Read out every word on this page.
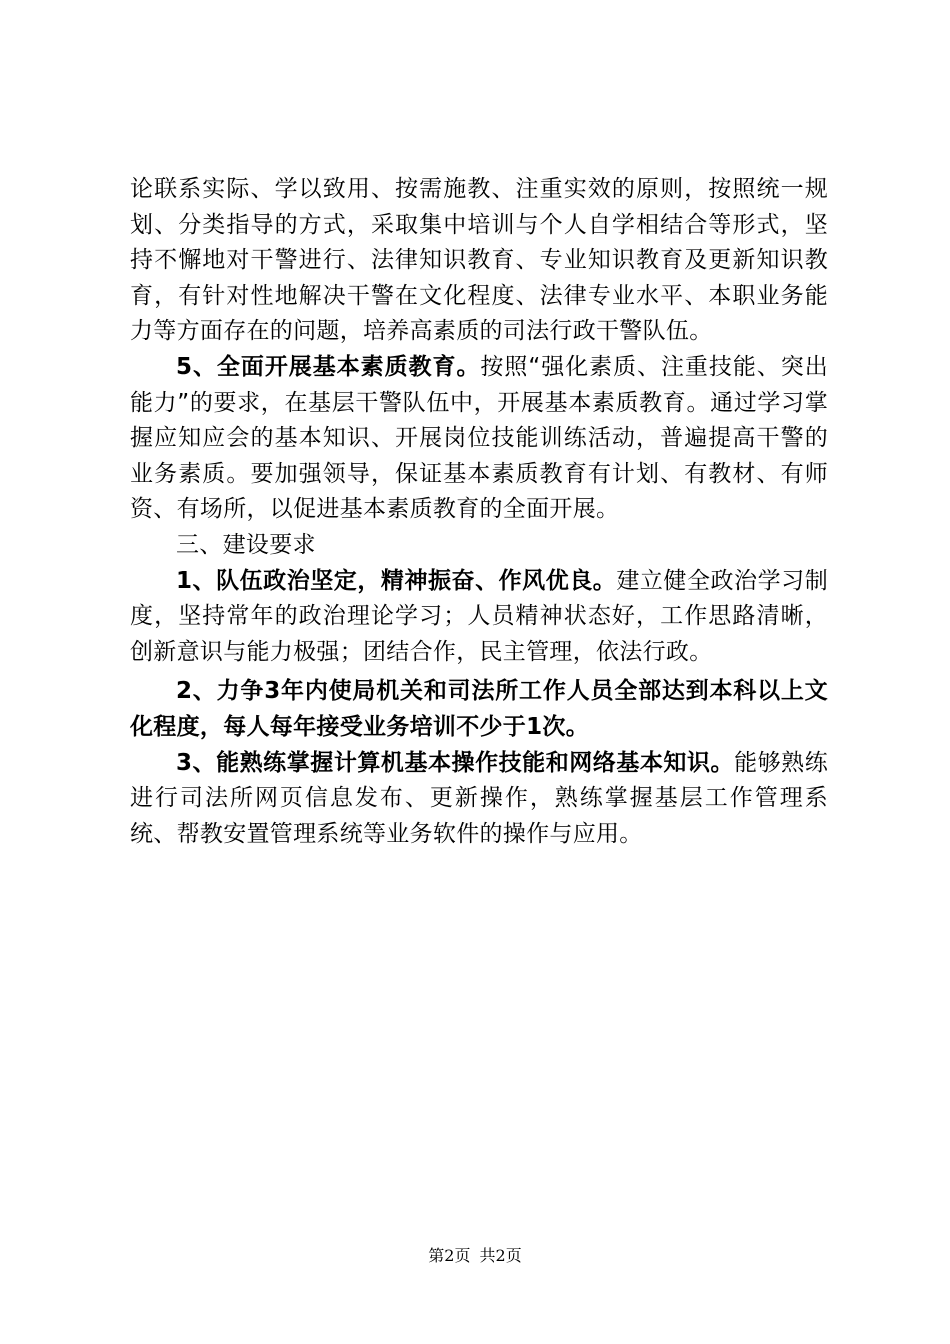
论联系实际、学以致用、按需施教、注重实效的原则，按照统一规划、分类指导的方式，采取集中培训与个人自学相结合等形式，坚持不懈地对干警进行、法律知识教育、专业知识教育及更新知识教育，有针对性地解决干警在文化程度、法律专业水平、本职业务能力等方面存在的问题，培养高素质的司法行政干警队伍。

5、全面开展基本素质教育。按照“强化素质、注重技能、突出能力”的要求，在基层干警队伍中，开展基本素质教育。通过学习掌握应知应会的基本知识、开展岗位技能训练活动，普遍提高干警的业务素质。要加强领导，保证基本素质教育有计划、有教材、有师资、有场所，以促进基本素质教育的全面开展。

三、建设要求

1、队伍政治坚定，精神振奋、作风优良。建立健全政治学习制度，坚持常年的政治理论学习；人员精神状态好，工作思路清晰，创新意识与能力极强；团结合作，民主管理，依法行政。

2、力争3年内使局机关和司法所工作人员全部达到本科以上文化程度，每人每年接受业务培训不少于1次。

3、能熟练掌握计算机基本操作技能和网络基本知识。能够熟练进行司法所网页信息发布、更新操作，熟练掌握基层工作管理系统、帮教安置管理系统等业务软件的操作与应用。

第2页 共2页
